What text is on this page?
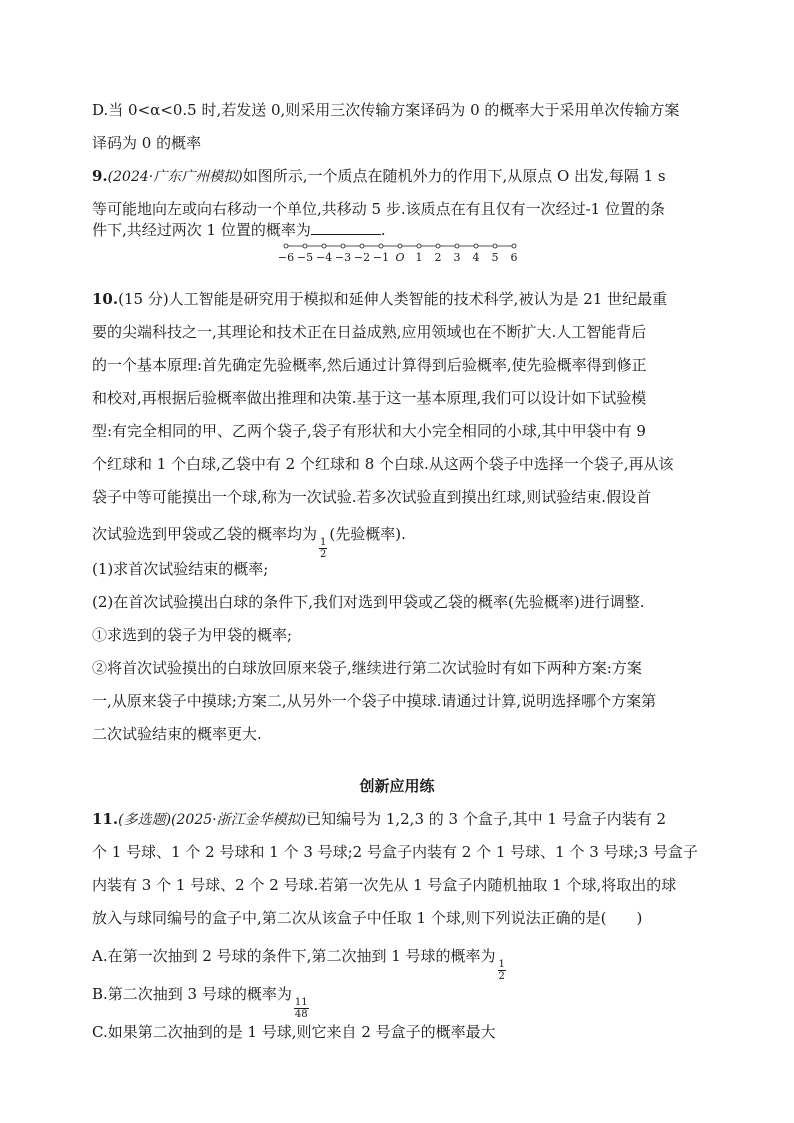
D.当 0<α<0.5 时,若发送 0,则采用三次传输方案译码为 0 的概率大于采用单次传输方案

译码为 0 的概率

9.(2024·广东广州模拟)如图所示,一个质点在随机外力的作用下,从原点 O 出发,每隔 1 s

等可能地向左或向右移动一个单位,共移动 5 步.该质点在有且仅有一次经过-1 位置的条

件下,共经过两次 1 位置的概率为	.

−6 −5 −4 −3 −2 −1 O 1 2 3 4 5 6

10.(15 分)人工智能是研究用于模拟和延伸人类智能的技术科学,被认为是 21 世纪最重

要的尖端科技之一,其理论和技术正在日益成熟,应用领域也在不断扩大.人工智能背后

的一个基本原理:首先确定先验概率,然后通过计算得到后验概率,使先验概率得到修正

和校对,再根据后验概率做出推理和决策.基于这一基本原理,我们可以设计如下试验模

型:有完全相同的甲、乙两个袋子,袋子有形状和大小完全相同的小球,其中甲袋中有 9

个红球和 1 个白球,乙袋中有 2 个红球和 8 个白球.从这两个袋子中选择一个袋子,再从该

袋子中等可能摸出一个球,称为一次试验.若多次试验直到摸出红球,则试验结束.假设首

次试验选到甲袋或乙袋的概率均为
$\frac{1}{2}$
(先验概率).

(1)求首次试验结束的概率;

(2)在首次试验摸出白球的条件下,我们对选到甲袋或乙袋的概率(先验概率)进行调整.

①求选到的袋子为甲袋的概率;

②将首次试验摸出的白球放回原来袋子,继续进行第二次试验时有如下两种方案:方案

一,从原来袋子中摸球;方案二,从另外一个袋子中摸球.请通过计算,说明选择哪个方案第

二次试验结束的概率更大.

创新应用练

11.(多选题)(2025·浙江金华模拟)已知编号为 1,2,3 的 3 个盒子,其中 1 号盒子内装有 2

个 1 号球、1 个 2 号球和 1 个 3 号球;2 号盒子内装有 2 个 1 号球、1 个 3 号球;3 号盒子

内装有 3 个 1 号球、2 个 2 号球.若第一次先从 1 号盒子内随机抽取 1 个球,将取出的球

放入与球同编号的盒子中,第二次从该盒子中任取 1 个球,则下列说法正确的是( )

A.在第一次抽到 2 号球的条件下,第二次抽到 1 号球的概率为
$\frac{1}{2}$

B.第二次抽到 3 号球的概率为
$\frac{11}{48}$

C.如果第二次抽到的是 1 号球,则它来自 2 号盒子的概率最大
